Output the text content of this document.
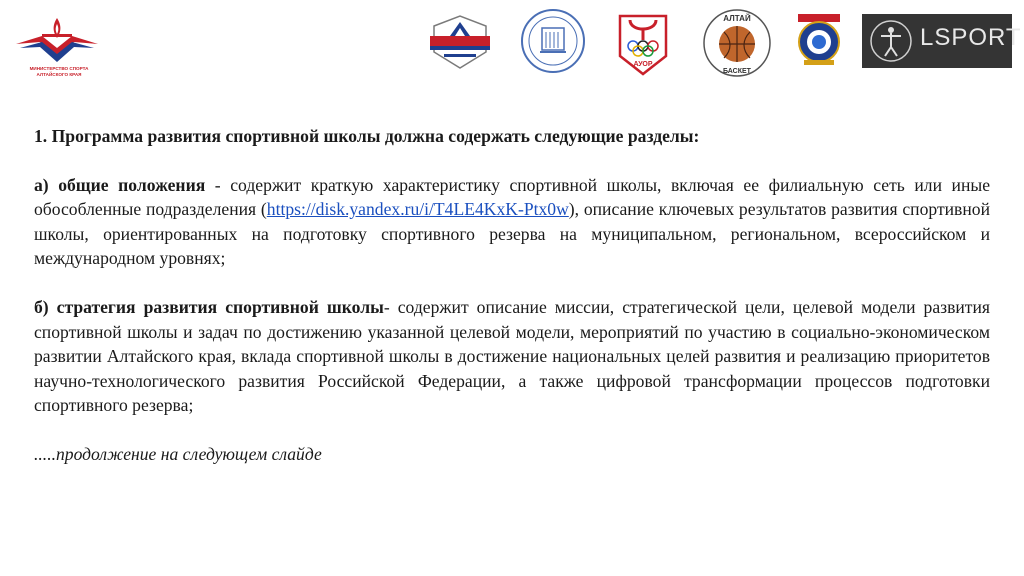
МИНИСТЕРСТВО СПОРТА АЛТАЙСКОГО КРАЯ
АУОР
АЛТАЙ
БАСКЕТ
LSPORT

1. Программа развития спортивной школы должна содержать следующие разделы:

а) общие положения - содержит краткую характеристику спортивной школы, включая ее филиальную сеть или иные обособленные подразделения (https://disk.yandex.ru/i/T4LE4KxK-Ptx0w), описание ключевых результатов развития спортивной школы, ориентированных на подготовку спортивного резерва на муниципальном, региональном, всероссийском и международном уровнях;

б) стратегия развития спортивной школы- содержит описание миссии, стратегической цели, целевой модели развития спортивной школы и задач по достижению указанной целевой модели, мероприятий по участию в социально-экономическом развитии Алтайского края, вклада спортивной школы в достижение национальных целей развития и реализацию приоритетов научно-технологического развития Российской Федерации, а также цифровой трансформации процессов подготовки спортивного резерва;

.....продолжение на следующем слайде
